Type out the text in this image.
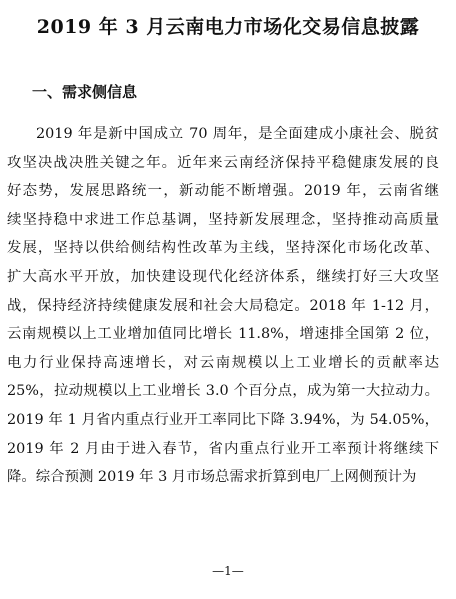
2019 年 3 月云南电力市场化交易信息披露
一、需求侧信息

2019 年是新中国成立 70 周年，是全面建成小康社会、脱贫
攻坚决战决胜关键之年。近年来云南经济保持平稳健康发展的良
好态势，发展思路统一，新动能不断增强。2019 年，云南省继
续坚持稳中求进工作总基调，坚持新发展理念，坚持推动高质量
发展，坚持以供给侧结构性改革为主线，坚持深化市场化改革、
扩大高水平开放，加快建设现代化经济体系，继续打好三大攻坚
战，保持经济持续健康发展和社会大局稳定。2018 年 1-12 月，
云南规模以上工业增加值同比增长 11.8%，增速排全国第 2 位，
电力行业保持高速增长，对云南规模以上工业增长的贡献率达
25%，拉动规模以上工业增长 3.0 个百分点，成为第一大拉动力。
2019 年 1 月省内重点行业开工率同比下降 3.94%，为 54.05%，
2019 年 2 月由于进入春节，省内重点行业开工率预计将继续下
降。综合预测 2019 年 3 月市场总需求折算到电厂上网侧预计为

—1—
